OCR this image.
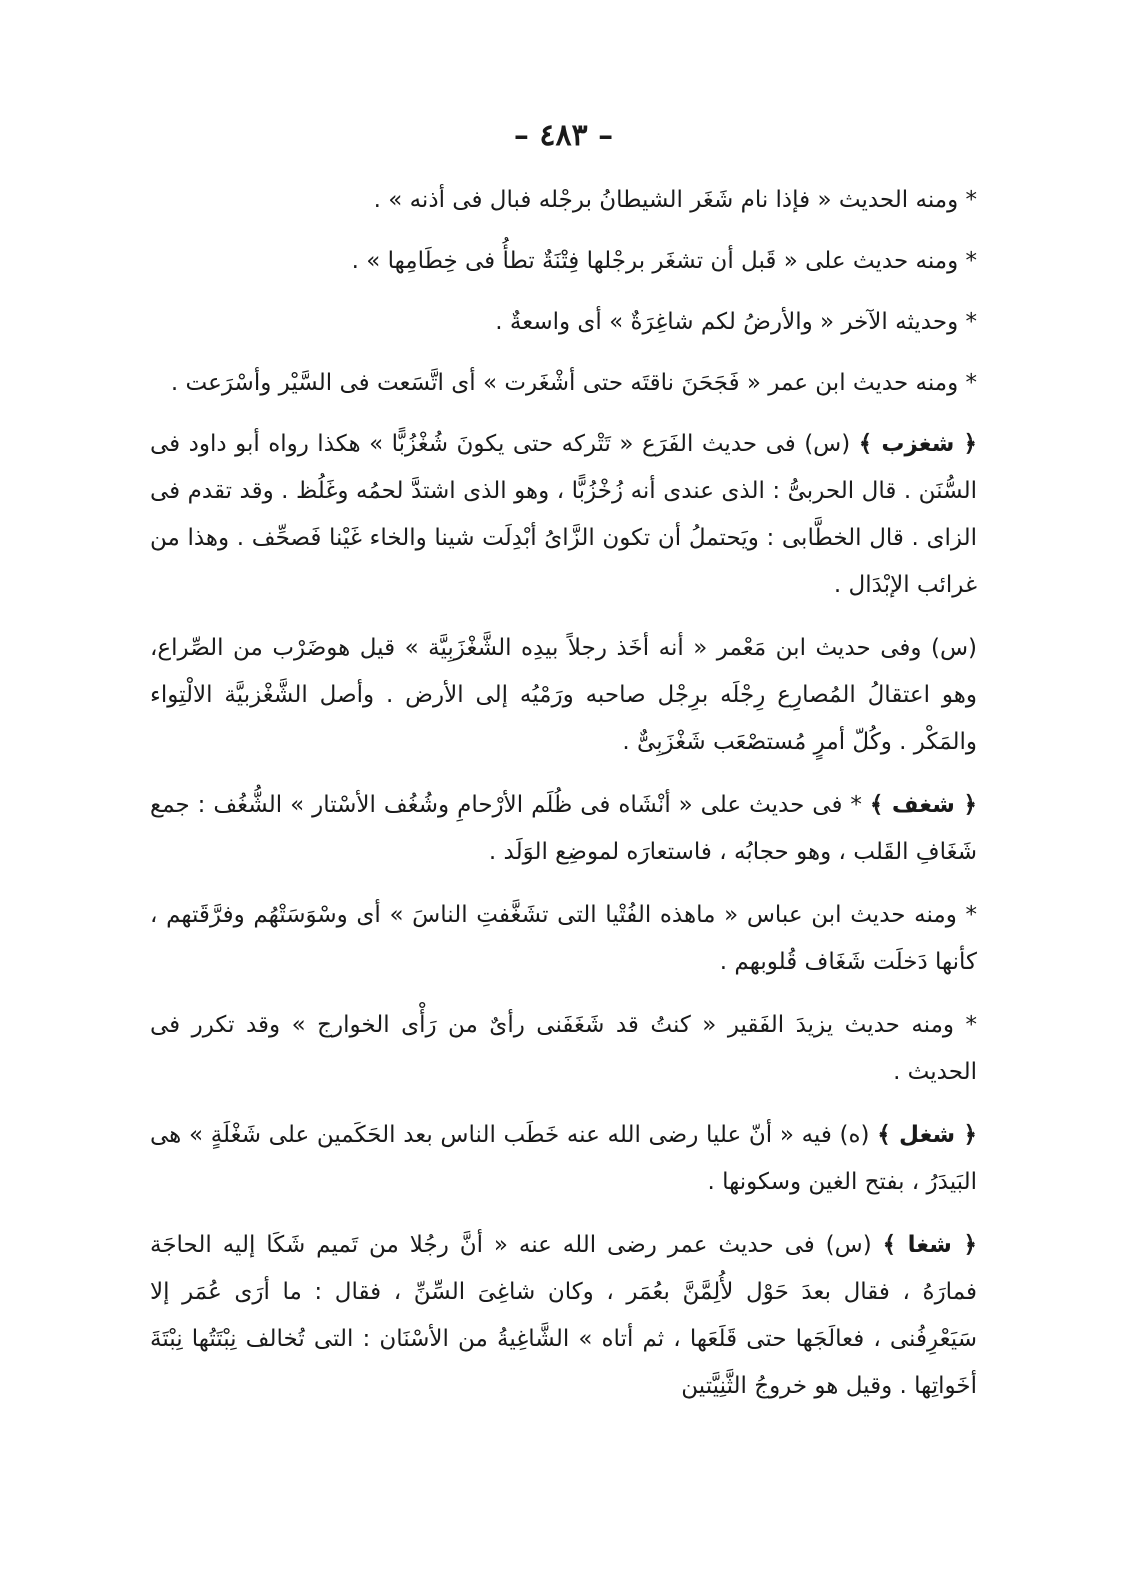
– ٤٨٣ –

* ومنه الحديث « فإذا نام شَغَر الشيطانُ برجْله فبال فى أذنه » .

* ومنه حديث على « قَبل أن تشغَر برجْلها فِتْنَةٌ تطأُ فى خِطَامِها » .

* وحديثه الآخر « والأرضُ لكم شاغِرَةٌ » أى واسعةٌ .

* ومنه حديث ابن عمر « فَجَحَنَ ناقتَه حتى أشْغَرت » أى اتَّسَعت فى السَّيْر وأسْرَعت .

﴿ شغزب ﴾ (س) فى حديث الفَرَع « تَتْركه حتى يكونَ شُغْزُبًّا » هكذا رواه أبو داود فى السُّنَن . قال الحربىُّ : الذى عندى أنه زُخْزُبًّا ، وهو الذى اشتدَّ لحمُه وغَلُظ . وقد تقدم فى الزاى . قال الخطَّابى : ويَحتملُ أن تكون الزَّاىُ أبْدِلَت شينا والخاء غَيْنا فَصحِّف . وهذا من غرائب الإبْدَال .

(س) وفى حديث ابن مَعْمر « أنه أخَذ رجلاً بيدِه الشَّغْزَبِيَّة » قيل هوضَرْب من الصِّراع، وهو اعتقالُ المُصارِع رِجْلَه برِجْل صاحبه ورَمْيُه إلى الأرض . وأصل الشَّغْزبيَّة الالْتِواء والمَكْر . وكُلّ أمرٍ مُستصْعَب شَغْزَبِىٌّ .

﴿ شغف ﴾ * فى حديث على « أنْشَاه فى ظُلَم الأرْحامِ وشُغُف الأسْتار » الشُّغُف : جمع شَغَافِ القَلب ، وهو حجابُه ، فاستعارَه لموضِع الوَلَد .

* ومنه حديث ابن عباس « ماهذه الفُتْيا التى تشَغَّفتِ الناسَ » أى وسْوَسَتْهُم وفرَّقَتهم ، كأنها دَخلَت شَغَاف قُلوبهم .

* ومنه حديث يزيدَ الفَقير « كنتُ قد شَغَفَنى رأىٌ من رَأْى الخوارج » وقد تكرر فى الحديث .

﴿ شغل ﴾ (ه) فيه « أنّ عليا رضى الله عنه خَطَب الناس بعد الحَكَمين على شَغْلَةٍ » هى البَيدَرُ ، بفتح الغين وسكونها .

﴿ شغا ﴾ (س) فى حديث عمر رضى الله عنه « أنَّ رجُلا من تَميم شَكَا إليه الحاجَة فمارَهُ ، فقال بعدَ حَوْل لأُلِمَّنَّ بعُمَر ، وكان شاغِىَ السِّنِّ ، فقال : ما أرَى عُمَر إلا سَيَعْرِفُنى ، فعالَجَها حتى قَلَعَها ، ثم أتاه » الشَّاغِيةُ من الأسْنَان : التى تُخالف نِبْتَتُها نِبْتَةَ أخَواتِها . وقيل هو خروجُ الثَّنِيَّتين
